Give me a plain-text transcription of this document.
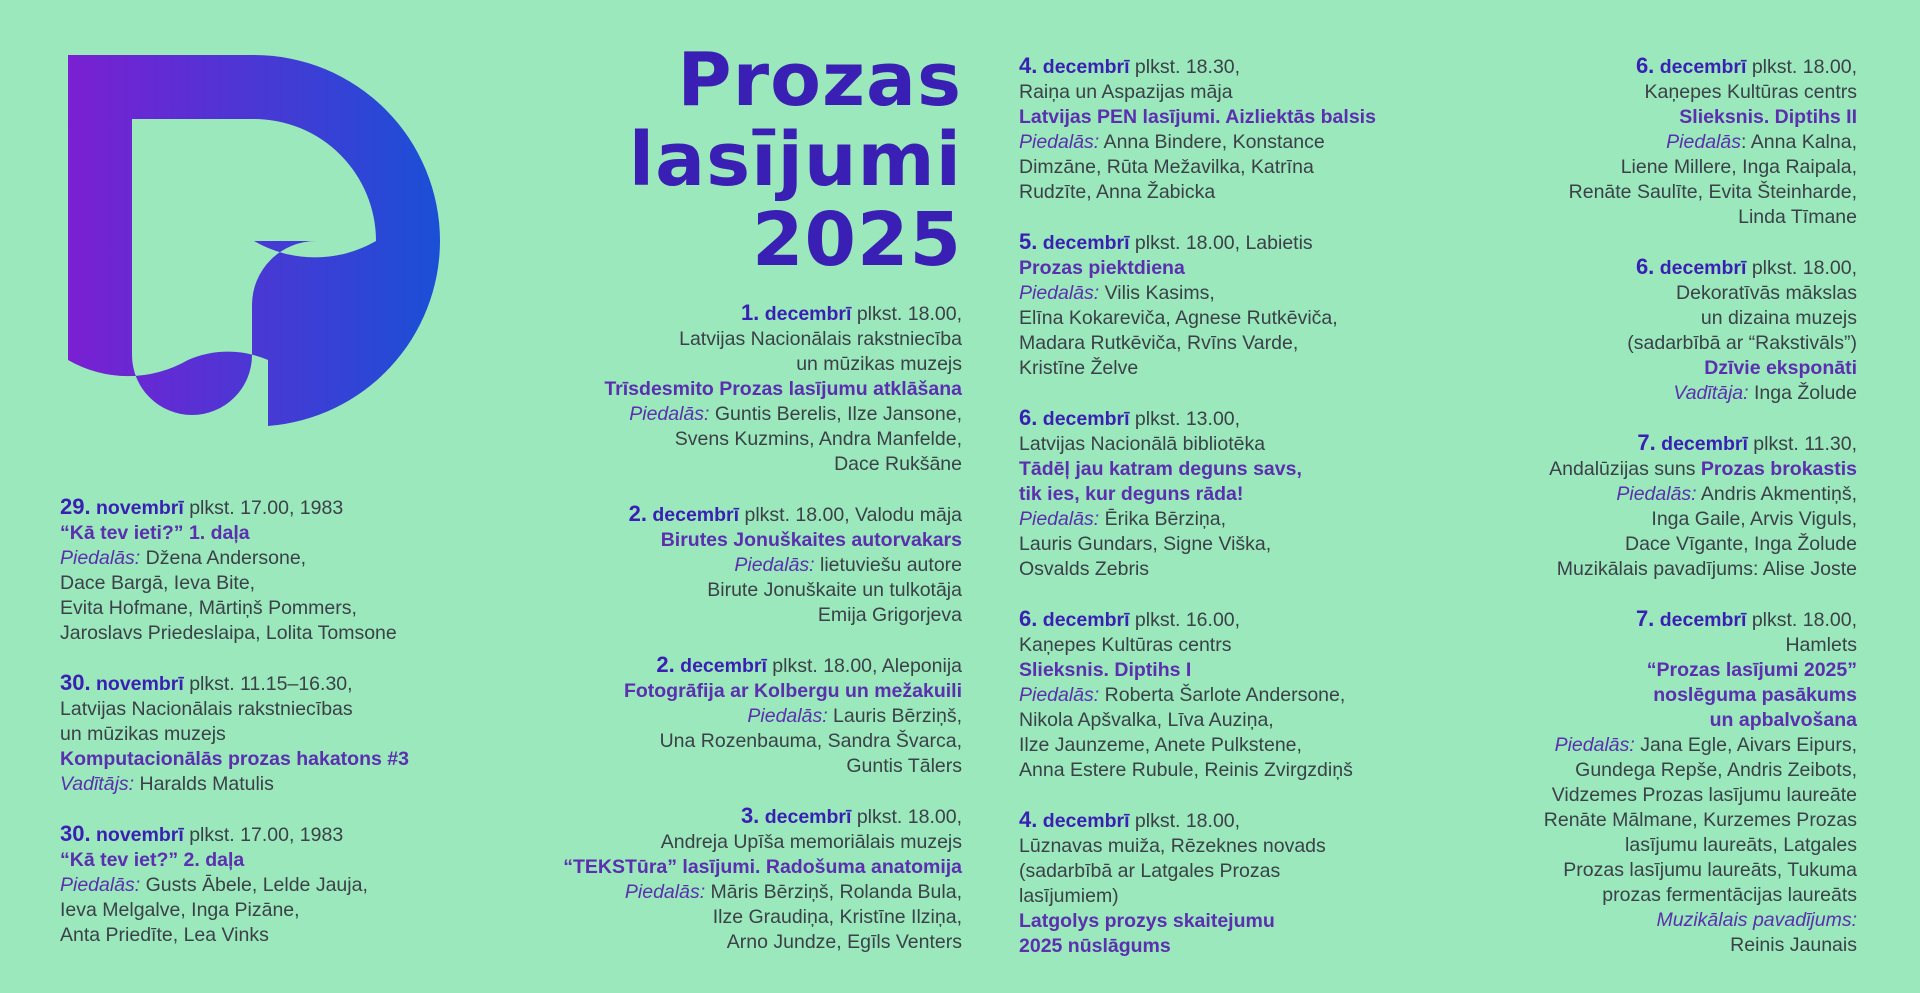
Prozas
lasījumi
2025
29. novembrī plkst. 17.00, 1983
“Kā tev ieti?” 1. daļa
Piedalās: Džena Andersone,
Dace Bargā, Ieva Bite,
Evita Hofmane, Mārtiņš Pommers,
Jaroslavs Priedeslaipa, Lolita Tomsone
30. novembrī plkst. 11.15–16.30,
Latvijas Nacionālais rakstniecības
un mūzikas muzejs
Komputacionālās prozas hakatons #3
Vadītājs: Haralds Matulis
30. novembrī plkst. 17.00, 1983
“Kā tev iet?” 2. daļa
Piedalās: Gusts Ābele, Lelde Jauja,
Ieva Melgalve, Inga Pizāne,
Anta Priedīte, Lea Vinks
1. decembrī plkst. 18.00,
Latvijas Nacionālais rakstniecība
un mūzikas muzejs
Trīsdesmito Prozas lasījumu atklāšana
Piedalās: Guntis Berelis, Ilze Jansone,
Svens Kuzmins, Andra Manfelde,
Dace Rukšāne
2. decembrī plkst. 18.00, Valodu māja
Birutes Jonuškaites autorvakars
Piedalās: lietuviešu autore
Birute Jonuškaite un tulkotāja
Emija Grigorjeva
2. decembrī plkst. 18.00, Aleponija
Fotogrāfija ar Kolbergu un mežakuili
Piedalās: Lauris Bērziņš,
Una Rozenbauma, Sandra Švarca,
Guntis Tālers
3. decembrī plkst. 18.00,
Andreja Upīša memoriālais muzejs
“TEKSTūra” lasījumi. Radošuma anatomija
Piedalās: Māris Bērziņš, Rolanda Bula,
Ilze Graudiņa, Kristīne Ilziņa,
Arno Jundze, Egīls Venters
4. decembrī plkst. 18.30,
Raiņa un Aspazijas māja
Latvijas PEN lasījumi. Aizliektās balsis
Piedalās: Anna Bindere, Konstance
Dimzāne, Rūta Mežavilka, Katrīna
Rudzīte, Anna Žabicka
5. decembrī plkst. 18.00, Labietis
Prozas piektdiena
Piedalās: Vilis Kasims,
Elīna Kokareviča, Agnese Rutkēviča,
Madara Rutkēviča, Rvīns Varde,
Kristīne Želve
6. decembrī plkst. 13.00,
Latvijas Nacionālā bibliotēka
Tādēļ jau katram deguns savs,
tik ies, kur deguns rāda!
Piedalās: Ērika Bērziņa,
Lauris Gundars, Signe Viška,
Osvalds Zebris
6. decembrī plkst. 16.00,
Kaņepes Kultūras centrs
Slieksnis. Diptihs I
Piedalās: Roberta Šarlote Andersone,
Nikola Apšvalka, Līva Auziņa,
Ilze Jaunzeme, Anete Pulkstene,
Anna Estere Rubule, Reinis Zvirgzdiņš
4. decembrī plkst. 18.00,
Lūznavas muiža, Rēzeknes novads
(sadarbībā ar Latgales Prozas
lasījumiem)
Latgolys prozys skaitejumu
2025 nūslāgums
6. decembrī plkst. 18.00,
Kaņepes Kultūras centrs
Slieksnis. Diptihs II
Piedalās: Anna Kalna,
Liene Millere, Inga Raipala,
Renāte Saulīte, Evita Šteinharde,
Linda Tīmane
6. decembrī plkst. 18.00,
Dekoratīvās mākslas
un dizaina muzejs
(sadarbībā ar “Rakstivāls”)
Dzīvie eksponāti
Vadītāja: Inga Žolude
7. decembrī plkst. 11.30,
Andalūzijas suns Prozas brokastis
Piedalās: Andris Akmentiņš,
Inga Gaile, Arvis Viguls,
Dace Vīgante, Inga Žolude
Muzikālais pavadījums: Alise Joste
7. decembrī plkst. 18.00,
Hamlets
“Prozas lasījumi 2025”
noslēguma pasākums
un apbalvošana
Piedalās: Jana Egle, Aivars Eipurs,
Gundega Repše, Andris Zeibots,
Vidzemes Prozas lasījumu laureāte
Renāte Mālmane, Kurzemes Prozas
lasījumu laureāts, Latgales
Prozas lasījumu laureāts, Tukuma
prozas fermentācijas laureāts
Muzikālais pavadījums:
Reinis Jaunais
